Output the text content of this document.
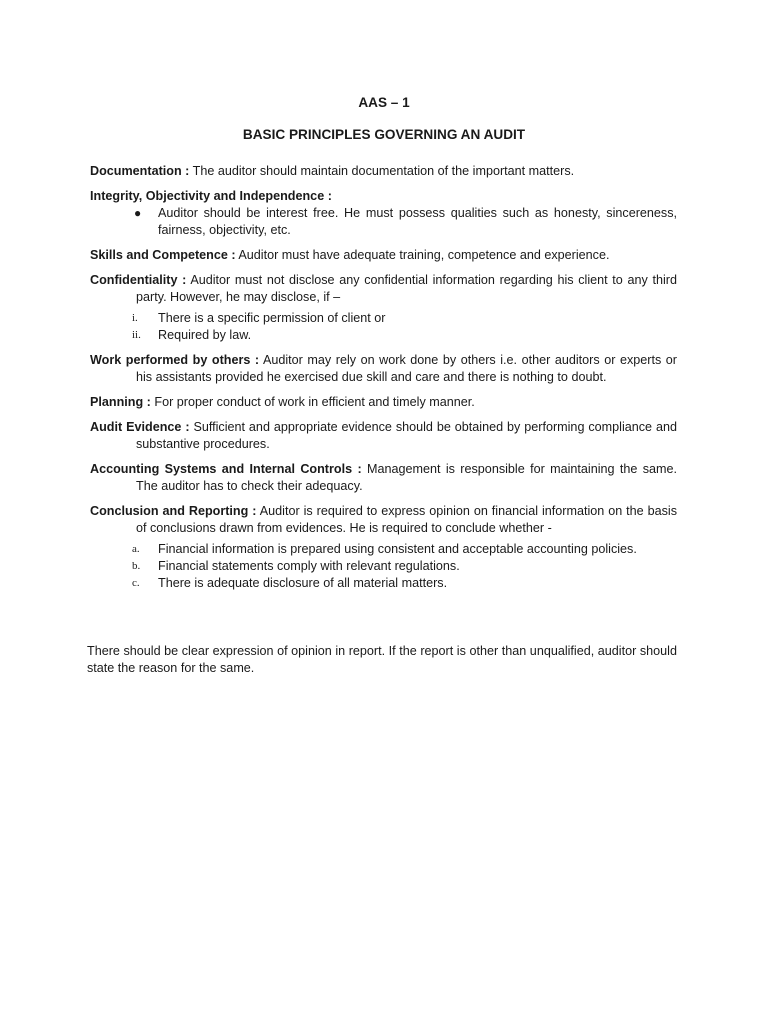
AAS – 1
BASIC PRINCIPLES GOVERNING AN AUDIT
Documentation : The auditor should maintain documentation of the important matters.
Integrity, Objectivity and Independence :
●	Auditor should be interest free. He must possess qualities such as honesty, sincereness, fairness, objectivity, etc.
Skills and Competence : Auditor must have adequate training, competence and experience.
Confidentiality : Auditor must not disclose any confidential information regarding his client to any third party. However, he may disclose, if –
i.	There is a specific permission of client or
ii.	Required by law.
Work performed by others : Auditor may rely on work done by others i.e. other auditors or experts or his assistants provided he exercised due skill and care and there is nothing to doubt.
Planning : For proper conduct of work in efficient and timely manner.
Audit Evidence : Sufficient and appropriate evidence should be obtained by performing compliance and substantive procedures.
Accounting Systems and Internal Controls : Management is responsible for maintaining the same. The auditor has to check their adequacy.
Conclusion and Reporting : Auditor is required to express opinion on financial information on the basis of conclusions drawn from evidences. He is required to conclude whether -
a.	Financial information is prepared using consistent and acceptable accounting policies.
b.	Financial statements comply with relevant regulations.
c.	There is adequate disclosure of all material matters.
There should be clear expression of opinion in report. If the report is other than unqualified, auditor should state the reason for the same.
